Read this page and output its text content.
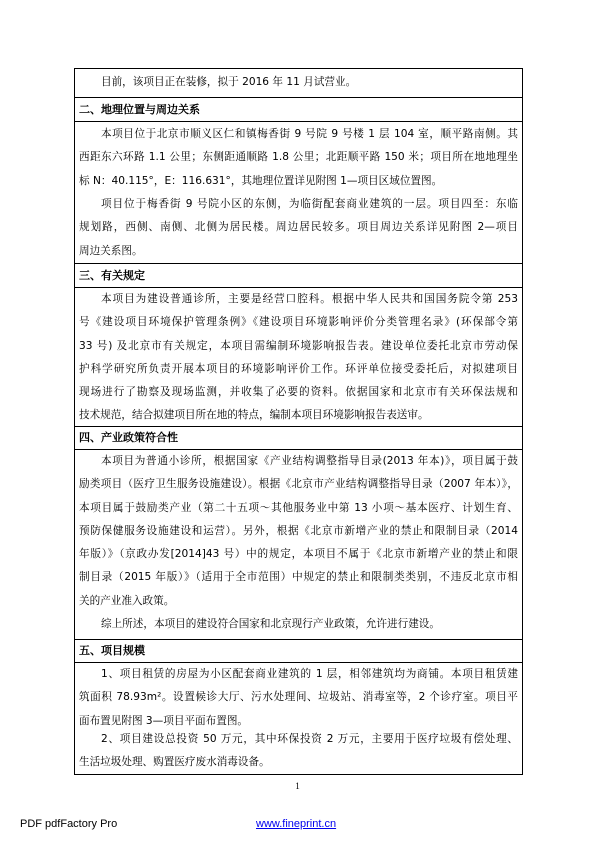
目前，该项目正在装修，拟于 2016 年 11 月试营业。
二、地理位置与周边关系
本项目位于北京市顺义区仁和镇梅香街 9 号院 9 号楼 1 层 104 室，顺平路南侧。其
西距东六环路 1.1 公里；东侧距通顺路 1.8 公里；北距顺平路 150 米；项目所在地地理坐
标 N：40.115°，E：116.631°，其地理位置详见附图 1—项目区域位置图。
项目位于梅香街 9 号院小区的东侧，为临街配套商业建筑的一层。项目四至：东临
规划路，西侧、南侧、北侧为居民楼。周边居民较多。项目周边关系详见附图 2—项目
周边关系图。
三、有关规定
本项目为建设普通诊所，主要是经营口腔科。根据中华人民共和国国务院令第 253
号《建设项目环境保护管理条例》《建设项目环境影响评价分类管理名录》(环保部令第
33 号) 及北京市有关规定，本项目需编制环境影响报告表。建设单位委托北京市劳动保
护科学研究所负责开展本项目的环境影响评价工作。环评单位接受委托后，对拟建项目
现场进行了勘察及现场监测，并收集了必要的资料。依据国家和北京市有关环保法规和
技术规范，结合拟建项目所在地的特点，编制本项目环境影响报告表送审。
四、产业政策符合性
本项目为普通小诊所，根据国家《产业结构调整指导目录(2013 年本)》，项目属于鼓
励类项目（医疗卫生服务设施建设）。根据《北京市产业结构调整指导目录（2007 年本）》，
本项目属于鼓励类产业（第二十五项～其他服务业中第 13 小项～基本医疗、计划生育、
预防保健服务设施建设和运营）。另外，根据《北京市新增产业的禁止和限制目录（2014
年版）》（京政办发[2014]43 号）中的规定，本项目不属于《北京市新增产业的禁止和限
制目录（2015 年版）》（适用于全市范围）中规定的禁止和限制类类别，不违反北京市相
关的产业准入政策。
综上所述，本项目的建设符合国家和北京现行产业政策，允许进行建设。
五、项目规模
1、项目租赁的房屋为小区配套商业建筑的 1 层，相邻建筑均为商铺。本项目租赁建
筑面积 78.93m²。设置候诊大厅、污水处理间、垃圾站、消毒室等，2 个诊疗室。项目平
面布置见附图 3—项目平面布置图。
2、项目建设总投资 50 万元，其中环保投资 2 万元，主要用于医疗垃圾有偿处理、
生活垃圾处理、购置医疗废水消毒设备。
1
PDF pdfFactory Pro	www.fineprint.cn
